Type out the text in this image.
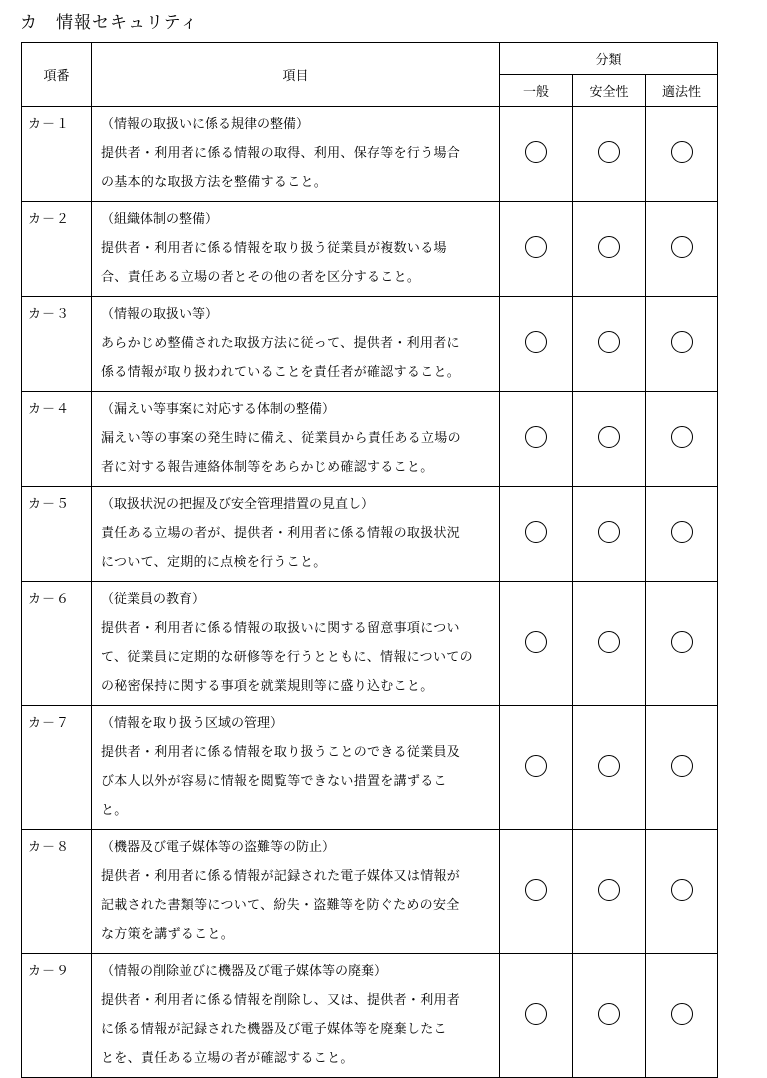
カ　情報セキュリティ
項番	項目	分類		
		一般	安全性	適法性
カ－１	（情報の取扱いに係る規律の整備）
提供者・利用者に係る情報の取得、利用、保存等を行う場合
の基本的な取扱方法を整備すること。			

カ－２	（組織体制の整備）
提供者・利用者に係る情報を取り扱う従業員が複数いる場
合、責任ある立場の者とその他の者を区分すること。			

カ－３	（情報の取扱い等）
あらかじめ整備された取扱方法に従って、提供者・利用者に
係る情報が取り扱われていることを責任者が確認すること。			

カ－４	（漏えい等事案に対応する体制の整備）
漏えい等の事案の発生時に備え、従業員から責任ある立場の
者に対する報告連絡体制等をあらかじめ確認すること。			

カ－５	（取扱状況の把握及び安全管理措置の見直し）
責任ある立場の者が、提供者・利用者に係る情報の取扱状況
について、定期的に点検を行うこと。			

カ－６	（従業員の教育）
提供者・利用者に係る情報の取扱いに関する留意事項につい
て、従業員に定期的な研修等を行うとともに、情報についての
の秘密保持に関する事項を就業規則等に盛り込むこと。			

カ－７	（情報を取り扱う区域の管理）
提供者・利用者に係る情報を取り扱うことのできる従業員及
び本人以外が容易に情報を閲覧等できない措置を講ずるこ
と。			

カ－８	（機器及び電子媒体等の盗難等の防止）
提供者・利用者に係る情報が記録された電子媒体又は情報が
記載された書類等について、紛失・盗難等を防ぐための安全
な方策を講ずること。			

カ－９	（情報の削除並びに機器及び電子媒体等の廃棄）
提供者・利用者に係る情報を削除し、又は、提供者・利用者
に係る情報が記録された機器及び電子媒体等を廃棄したこ
とを、責任ある立場の者が確認すること。			
